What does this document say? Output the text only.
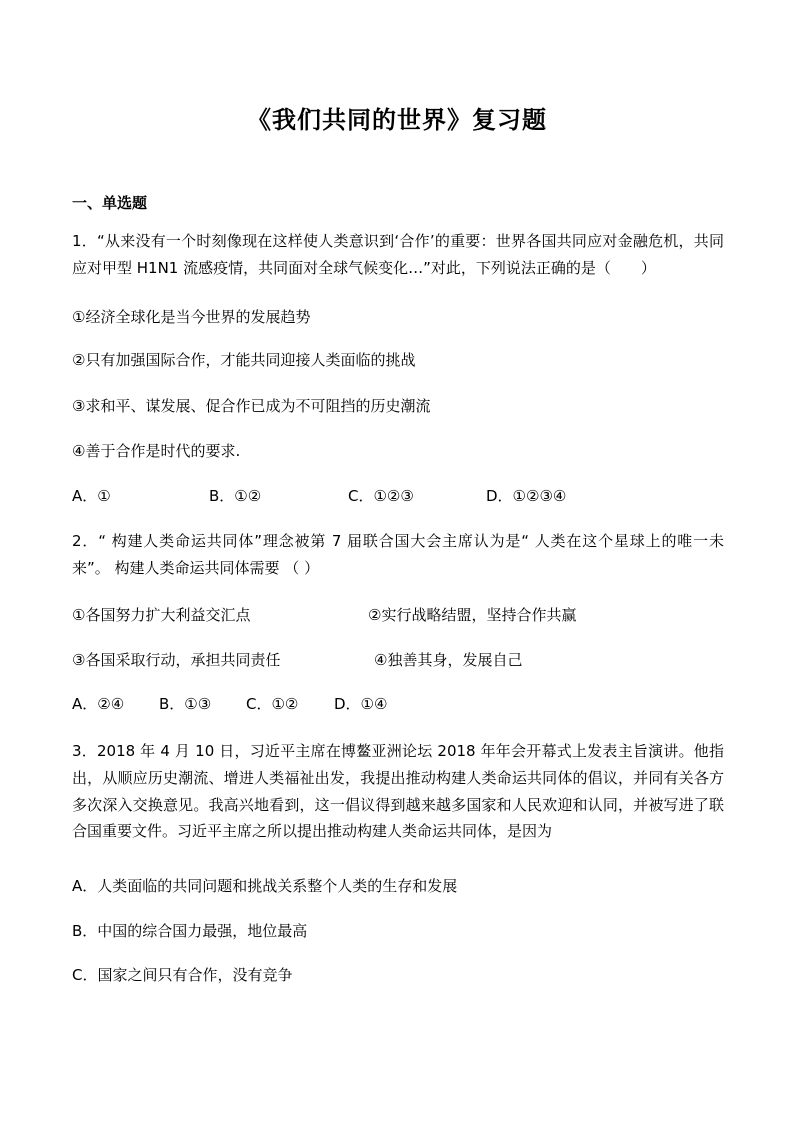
《我们共同的世界》复习题
一、单选题
1．“从来没有一个时刻像现在这样使人类意识到‘合作’的重要：世界各国共同应对金融危机，共同应对甲型 H1N1 流感疫情，共同面对全球气候变化…”对此，下列说法正确的是（　　）
①经济全球化是当今世界的发展趋势
②只有加强国际合作，才能共同迎接人类面临的挑战
③求和平、谋发展、促合作已成为不可阻挡的历史潮流
④善于合作是时代的要求.
A．①	B．①②	C．①②③	D．①②③④
2．“ 构建人类命运共同体”理念被第 7 届联合国大会主席认为是“ 人类在这个星球上的唯一未来”。 构建人类命运共同体需要 （ ）
①各国努力扩大利益交汇点	②实行战略结盟，坚持合作共赢
③各国采取行动，承担共同责任	④独善其身，发展自己
A．②④ B．①③ C．①② D．①④
3．2018 年 4 月 10 日，习近平主席在博鳌亚洲论坛 2018 年年会开幕式上发表主旨演讲。他指出，从顺应历史潮流、增进人类福祉出发，我提出推动构建人类命运共同体的倡议，并同有关各方多次深入交换意见。我高兴地看到，这一倡议得到越来越多国家和人民欢迎和认同，并被写进了联合国重要文件。习近平主席之所以提出推动构建人类命运共同体，是因为
A．人类面临的共同问题和挑战关系整个人类的生存和发展
B．中国的综合国力最强，地位最高
C．国家之间只有合作，没有竞争
